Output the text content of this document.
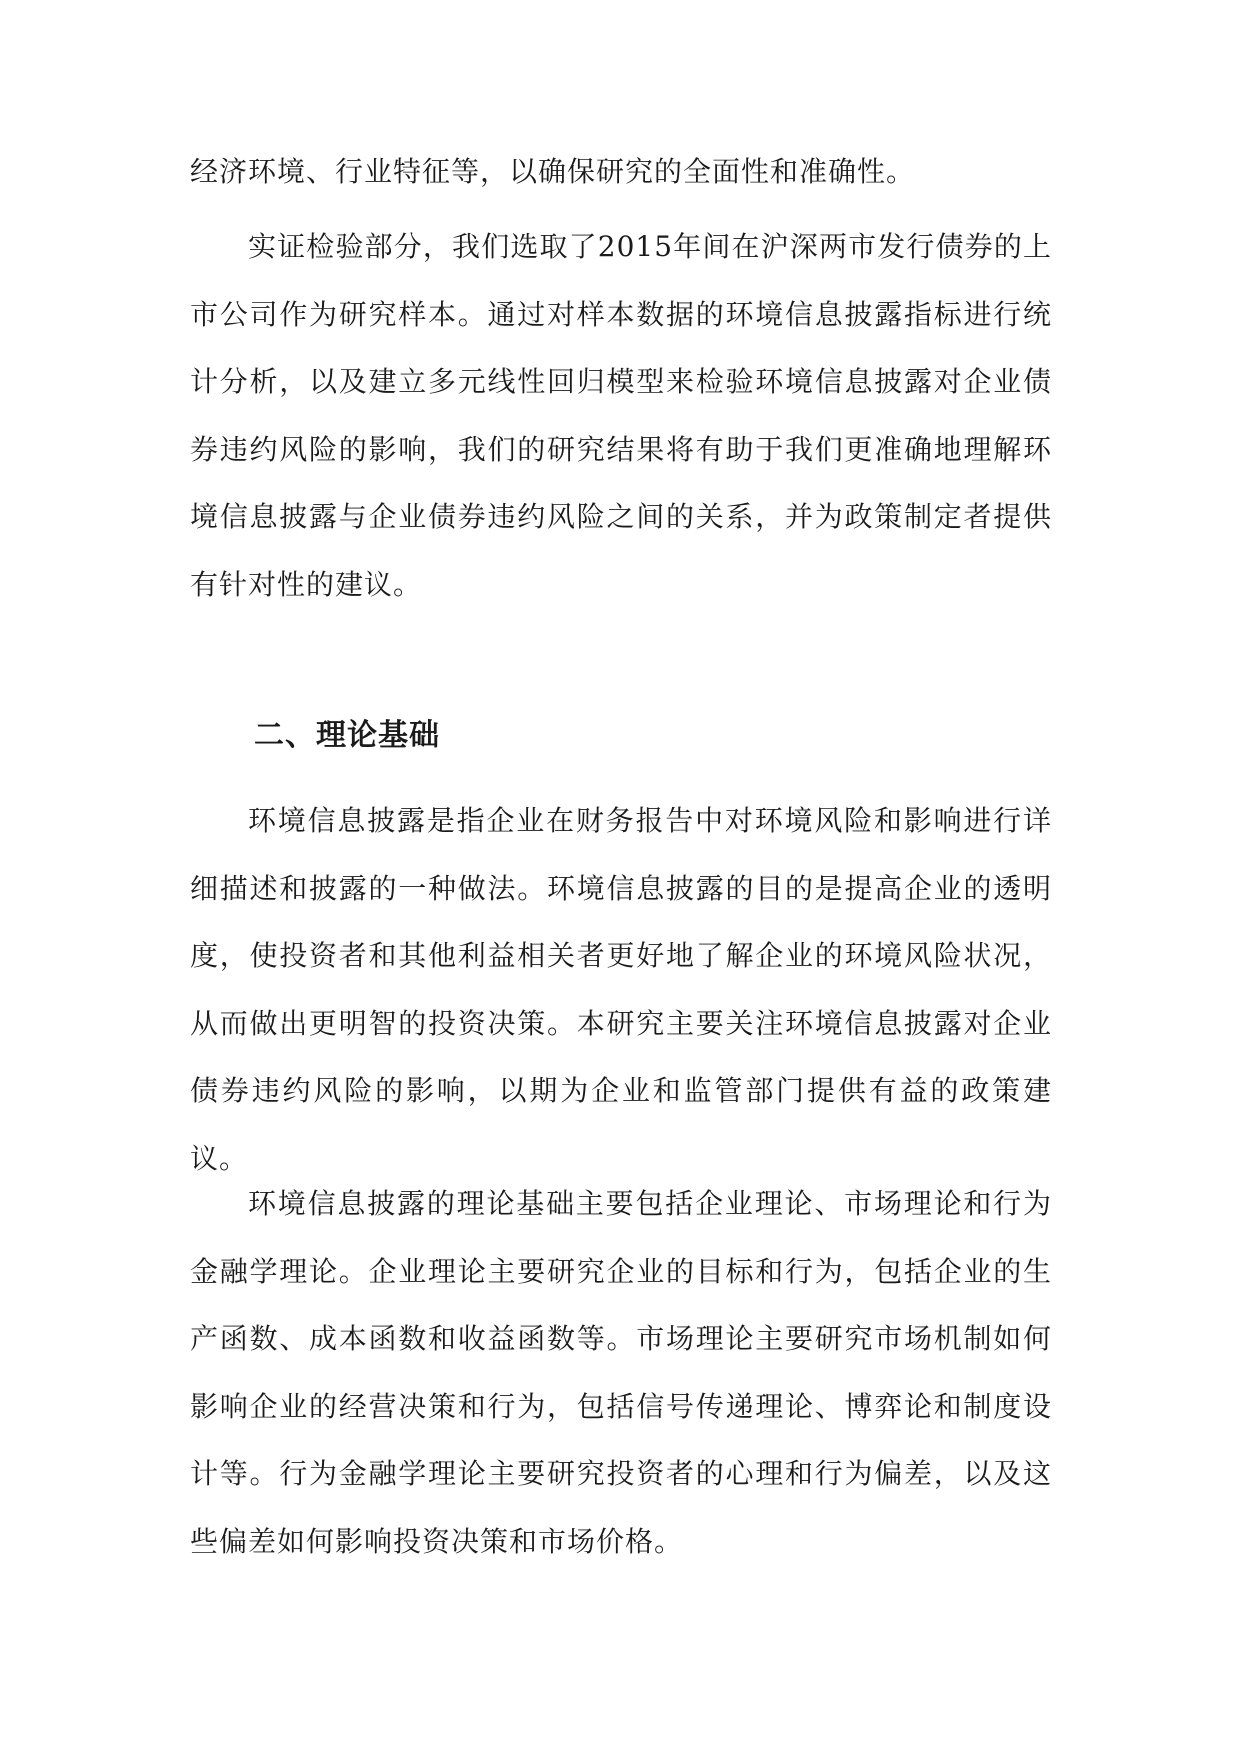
经济环境、行业特征等，以确保研究的全面性和准确性。

实证检验部分，我们选取了2015年间在沪深两市发行债券的上市公司作为研究样本。通过对样本数据的环境信息披露指标进行统计分析，以及建立多元线性回归模型来检验环境信息披露对企业债券违约风险的影响，我们的研究结果将有助于我们更准确地理解环境信息披露与企业债券违约风险之间的关系，并为政策制定者提供有针对性的建议。

二、理论基础

环境信息披露是指企业在财务报告中对环境风险和影响进行详细描述和披露的一种做法。环境信息披露的目的是提高企业的透明度，使投资者和其他利益相关者更好地了解企业的环境风险状况，从而做出更明智的投资决策。本研究主要关注环境信息披露对企业债券违约风险的影响，以期为企业和监管部门提供有益的政策建议。

环境信息披露的理论基础主要包括企业理论、市场理论和行为金融学理论。企业理论主要研究企业的目标和行为，包括企业的生产函数、成本函数和收益函数等。市场理论主要研究市场机制如何影响企业的经营决策和行为，包括信号传递理论、博弈论和制度设计等。行为金融学理论主要研究投资者的心理和行为偏差，以及这些偏差如何影响投资决策和市场价格。
